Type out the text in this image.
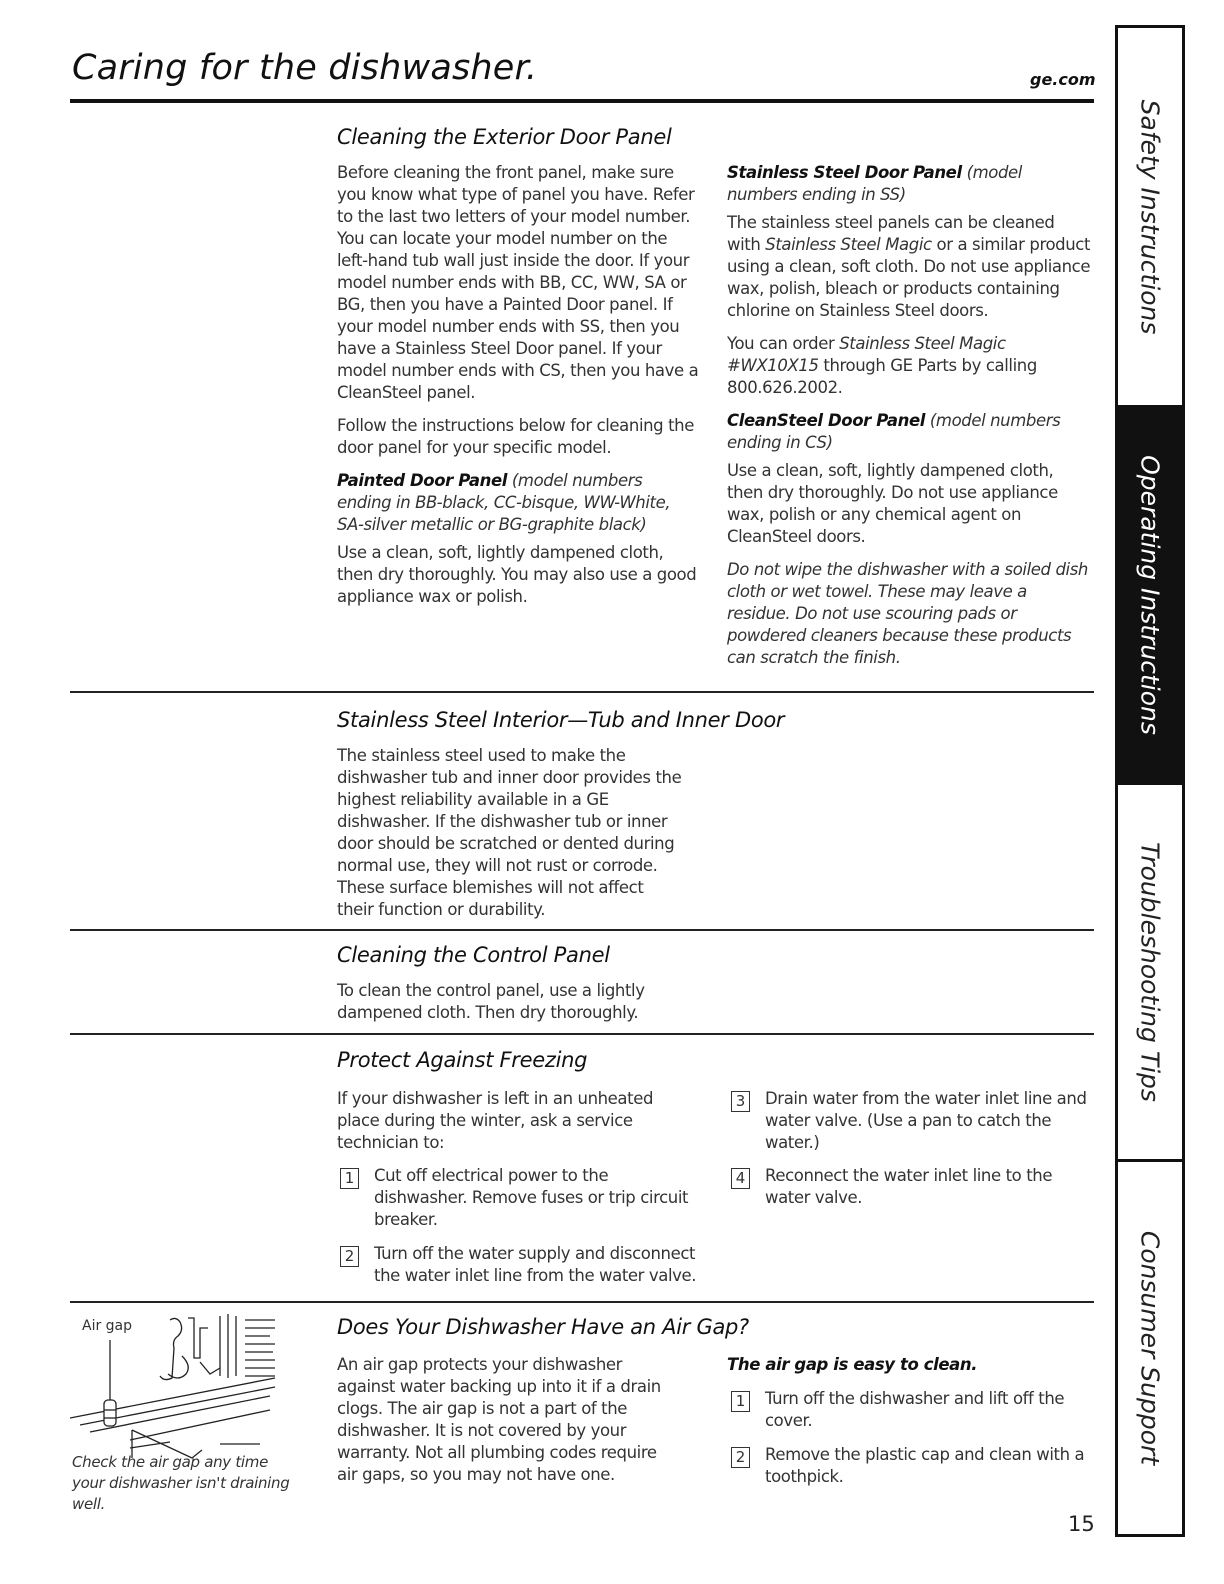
Caring for the dishwasher.	ge.com
Cleaning the Exterior Door Panel

Before cleaning the front panel, make sure you know what type of panel you have. Refer to the last two letters of your model number. You can locate your model number on the left-hand tub wall just inside the door. If your model number ends with BB, CC, WW, SA or BG, then you have a Painted Door panel. If your model number ends with SS, then you have a Stainless Steel Door panel. If your model number ends with CS, then you have a CleanSteel panel.

Follow the instructions below for cleaning the door panel for your specific model.

Painted Door Panel (model numbers ending in BB-black, CC-bisque, WW-White, SA-silver metallic or BG-graphite black)

Use a clean, soft, lightly dampened cloth, then dry thoroughly. You may also use a good appliance wax or polish.

Stainless Steel Door Panel (model numbers ending in SS)

The stainless steel panels can be cleaned with Stainless Steel Magic or a similar product using a clean, soft cloth. Do not use appliance wax, polish, bleach or products containing chlorine on Stainless Steel doors.

You can order Stainless Steel Magic #WX10X15 through GE Parts by calling 800.626.2002.

CleanSteel Door Panel (model numbers ending in CS)

Use a clean, soft, lightly dampened cloth, then dry thoroughly. Do not use appliance wax, polish or any chemical agent on CleanSteel doors.

Do not wipe the dishwasher with a soiled dish cloth or wet towel. These may leave a residue. Do not use scouring pads or powdered cleaners because these products can scratch the finish.

Stainless Steel Interior—Tub and Inner Door

The stainless steel used to make the dishwasher tub and inner door provides the highest reliability available in a GE dishwasher. If the dishwasher tub or inner door should be scratched or dented during normal use, they will not rust or corrode. These surface blemishes will not affect their function or durability.

Cleaning the Control Panel

To clean the control panel, use a lightly dampened cloth. Then dry thoroughly.

Protect Against Freezing

If your dishwasher is left in an unheated place during the winter, ask a service technician to:

1 Cut off electrical power to the dishwasher. Remove fuses or trip circuit breaker.

2 Turn off the water supply and disconnect the water inlet line from the water valve.

3 Drain water from the water inlet line and water valve. (Use a pan to catch the water.)

4 Reconnect the water inlet line to the water valve.

Does Your Dishwasher Have an Air Gap?

An air gap protects your dishwasher against water backing up into it if a drain clogs. The air gap is not a part of the dishwasher. It is not covered by your warranty. Not all plumbing codes require air gaps, so you may not have one.

The air gap is easy to clean.

1 Turn off the dishwasher and lift off the cover.

2 Remove the plastic cap and clean with a toothpick.

Air gap

Check the air gap any time your dishwasher isn't draining well.

15
Safety Instructions
Operating Instructions
Troubleshooting Tips
Consumer Support
